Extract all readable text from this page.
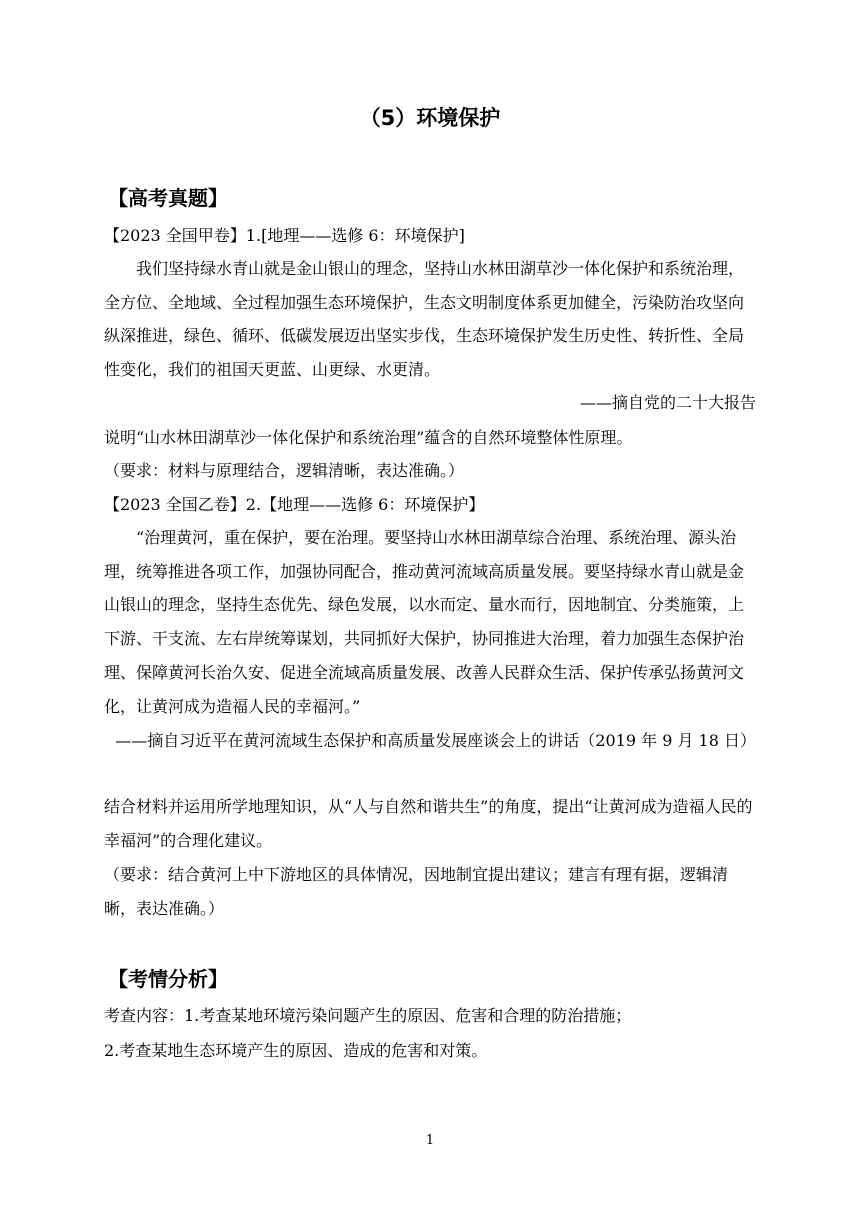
（5）环境保护
【高考真题】
【2023 全国甲卷】1.[地理——选修 6：环境保护]
我们坚持绿水青山就是金山银山的理念，坚持山水林田湖草沙一体化保护和系统治理，全方位、全地域、全过程加强生态环境保护，生态文明制度体系更加健全，污染防治攻坚向纵深推进，绿色、循环、低碳发展迈出坚实步伐，生态环境保护发生历史性、转折性、全局性变化，我们的祖国天更蓝、山更绿、水更清。
——摘自党的二十大报告
说明“山水林田湖草沙一体化保护和系统治理”蕴含的自然环境整体性原理。
（要求：材料与原理结合，逻辑清晰，表达准确。）
【2023 全国乙卷】2.【地理——选修 6：环境保护】
“治理黄河，重在保护，要在治理。要坚持山水林田湖草综合治理、系统治理、源头治理，统筹推进各项工作，加强协同配合，推动黄河流域高质量发展。要坚持绿水青山就是金山银山的理念，坚持生态优先、绿色发展，以水而定、量水而行，因地制宜、分类施策，上下游、干支流、左右岸统筹谋划，共同抓好大保护，协同推进大治理，着力加强生态保护治理、保障黄河长治久安、促进全流域高质量发展、改善人民群众生活、保护传承弘扬黄河文化，让黄河成为造福人民的幸福河。”
——摘自习近平在黄河流域生态保护和高质量发展座谈会上的讲话（2019 年 9 月 18 日）
结合材料并运用所学地理知识，从“人与自然和谐共生”的角度，提出“让黄河成为造福人民的幸福河”的合理化建议。
（要求：结合黄河上中下游地区的具体情况，因地制宜提出建议；建言有理有据，逻辑清晰，表达准确。）
【考情分析】
考查内容：1.考查某地环境污染问题产生的原因、危害和合理的防治措施；
2.考查某地生态环境产生的原因、造成的危害和对策。
1
